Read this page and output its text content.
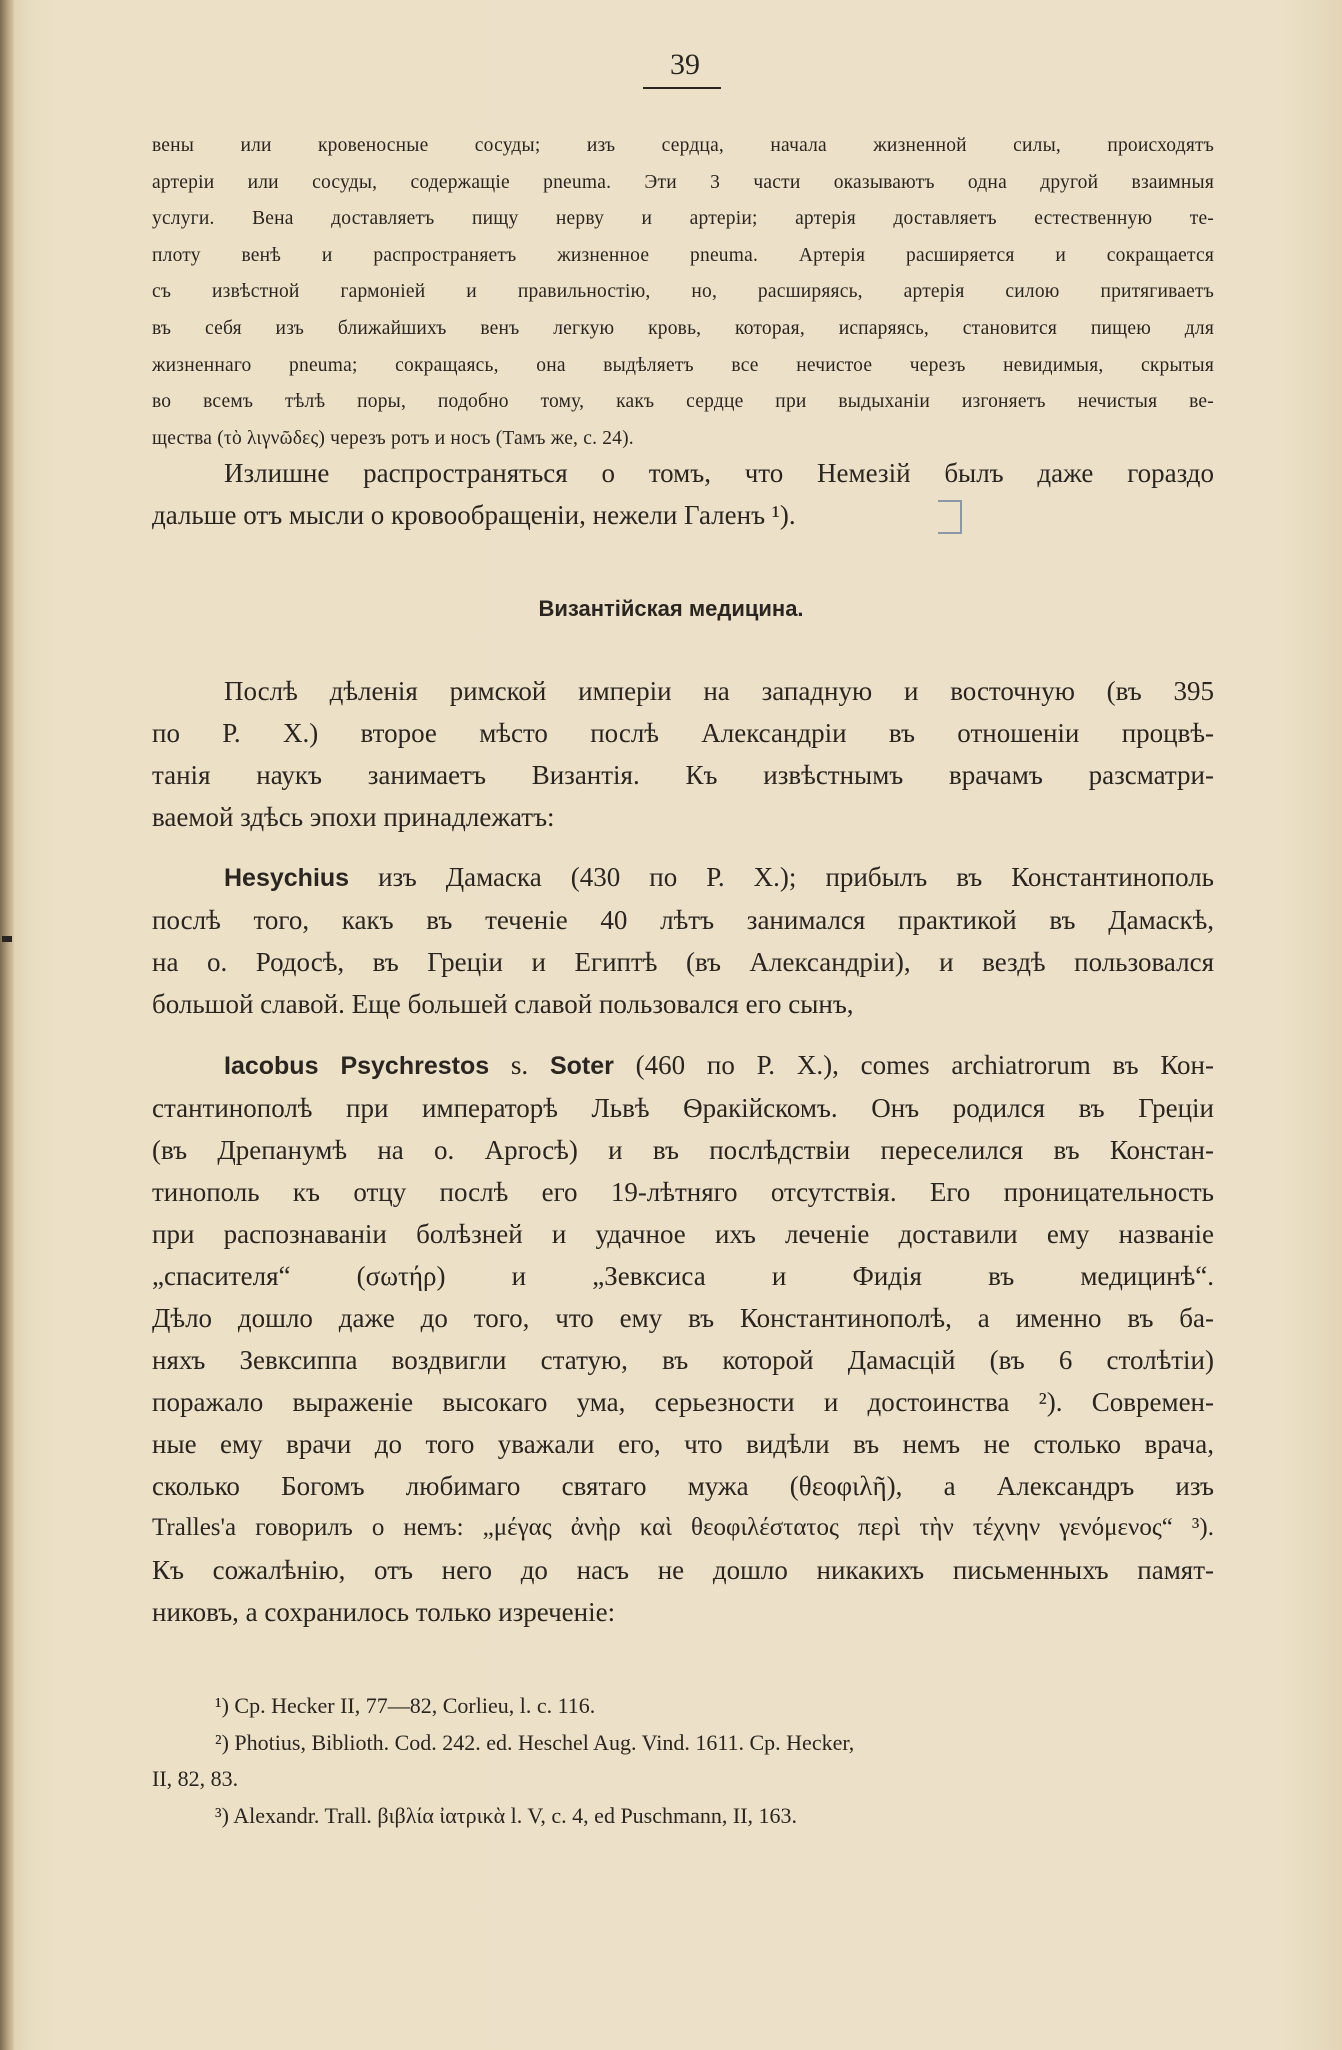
39
вены или кровеносные сосуды; изъ сердца, начала жизненной силы, происходятъ
артеріи или сосуды, содержащіе pneuma. Эти 3 части оказываютъ одна другой взаимныя
услуги. Вена доставляетъ пищу нерву и артеріи; артерія доставляетъ естественную те-
плоту венѣ и распространяетъ жизненное pneuma. Артерія расширяется и сокращается
съ извѣстной гармоніей и правильностію, но, расширяясь, артерія силою притягиваетъ
въ себя изъ ближайшихъ венъ легкую кровь, которая, испаряясь, становится пищею для
жизненнаго pneuma; сокращаясь, она выдѣляетъ все нечистое черезъ невидимыя, скрытыя
во всемъ тѣлѣ поры, подобно тому, какъ сердце при выдыханіи изгоняетъ нечистыя ве-
щества (τὸ λιγνῶδες) черезъ ротъ и носъ (Тамъ же, с. 24).
Излишне распространяться о томъ, что Немезій былъ даже гораздо
дальше отъ мысли о кровообращеніи, нежели Галенъ ¹).
Византійская медицина.
Послѣ дѣленія римской имперіи на западную и восточную (въ 395
по Р. Х.) второе мѣсто послѣ Александріи въ отношеніи процвѣ-
танія наукъ занимаетъ Византія. Къ извѣстнымъ врачамъ разсматри-
ваемой здѣсь эпохи принадлежатъ:
Hesychius изъ Дамаска (430 по Р. Х.); прибылъ въ Константинополь
послѣ того, какъ въ теченіе 40 лѣтъ занимался практикой въ Дамаскѣ,
на о. Родосѣ, въ Греціи и Египтѣ (въ Александріи), и вездѣ пользовался
большой славой. Еще большей славой пользовался его сынъ,
Iacobus Psychrestos s. Soter (460 по Р. Х.), comes archiatrorum въ Кон-
стантинополѣ при императорѣ Львѣ Ѳракійскомъ. Онъ родился въ Греціи
(въ Дрепанумѣ на о. Аргосѣ) и въ послѣдствіи переселился въ Констан-
тинополь къ отцу послѣ его 19-лѣтняго отсутствія. Его проницательность
при распознаваніи болѣзней и удачное ихъ леченіе доставили ему названіе
„спасителя“ (σωτήρ) и „Зевксиса и Фидія въ медицинѣ“.
Дѣло дошло даже до того, что ему въ Константинополѣ, а именно въ ба-
няхъ Зевксиппа воздвигли статую, въ которой Дамасцій (въ 6 столѣтіи)
поражало выраженіе высокаго ума, серьезности и достоинства ²). Современ-
ные ему врачи до того уважали его, что видѣли въ немъ не столько врача,
сколько Богомъ любимаго святаго мужа (θεοφιλῆ), а Александръ изъ
Tralles'а говорилъ о немъ: „μέγας ἀνὴρ καὶ θεοφιλέστατος περὶ τὴν τέχνην γενόμενος“ ³).
Къ сожалѣнію, отъ него до насъ не дошло никакихъ письменныхъ памят-
никовъ, а сохранилось только изреченіе:
¹) Ср. Hecker II, 77—82, Corlieu, l. c. 116.
²) Photius, Biblioth. Cod. 242. ed. Heschel Aug. Vind. 1611. Ср. Hecker,
II, 82, 83.
³) Alexandr. Trall. βιβλία ἰατρικὰ l. V, c. 4, ed Puschmann, II, 163.
